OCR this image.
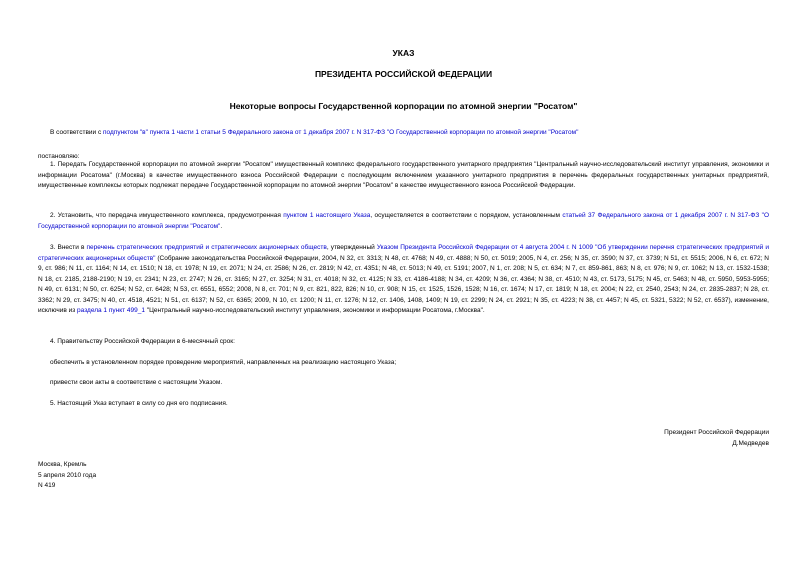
УКАЗ
ПРЕЗИДЕНТА РОССИЙСКОЙ ФЕДЕРАЦИИ
Некоторые вопросы Государственной корпорации по атомной энергии "Росатом"
В соответствии с подпунктом "в" пункта 1 части 1 статьи 5 Федерального закона от 1 декабря 2007 г. N 317-ФЗ "О Государственной корпорации по атомной энергии "Росатом"
постановляю:
1. Передать Государственной корпорации по атомной энергии "Росатом" имущественный комплекс федерального государственного унитарного предприятия "Центральный научно-исследовательский институт управления, экономики и информации Росатома" (г.Москва) в качестве имущественного взноса Российской Федерации с последующим включением указанного унитарного предприятия в перечень федеральных государственных унитарных предприятий, имущественные комплексы которых подлежат передаче Государственной корпорации по атомной энергии "Росатом" в качестве имущественного взноса Российской Федерации.
2. Установить, что передача имущественного комплекса, предусмотренная пунктом 1 настоящего Указа, осуществляется в соответствии с порядком, установленным статьей 37 Федерального закона от 1 декабря 2007 г. N 317-ФЗ "О Государственной корпорации по атомной энергии "Росатом".
3. Внести в перечень стратегических предприятий и стратегических акционерных обществ, утвержденный Указом Президента Российской Федерации от 4 августа 2004 г. N 1009 "Об утверждении перечня стратегических предприятий и стратегических акционерных обществ" (Собрание законодательства Российской Федерации, 2004, N 32, ст. 3313; N 48, ст. 4768; N 49, ст. 4888; N 50, ст. 5019; 2005, N 4, ст. 256; N 35, ст. 3590; N 37, ст. 3739; N 51, ст. 5515; 2006, N 6, ст. 672; N 9, ст. 986; N 11, ст. 1164; N 14, ст. 1510; N 18, ст. 1978; N 19, ст. 2071; N 24, ст. 2586; N 26, ст. 2819; N 42, ст. 4351; N 48, ст. 5013; N 49, ст. 5191; 2007, N 1, ст. 208; N 5, ст. 634; N 7, ст. 859-861, 863; N 8, ст. 976; N 9, ст. 1062; N 13, ст. 1532-1538; N 18, ст. 2185, 2188-2190; N 19, ст. 2341; N 23, ст. 2747; N 26, ст. 3165; N 27, ст. 3254; N 31, ст. 4018; N 32, ст. 4125; N 33, ст. 4186-4188; N 34, ст. 4209; N 36, ст. 4364; N 38, ст. 4510; N 43, ст. 5173, 5175; N 45, ст. 5463; N 48, ст. 5950, 5953-5955; N 49, ст. 6131; N 50, ст. 6254; N 52, ст. 6428; N 53, ст. 6551, 6552; 2008, N 8, ст. 701; N 9, ст. 821, 822, 826; N 10, ст. 908; N 15, ст. 1525, 1526, 1528; N 16, ст. 1674; N 17, ст. 1819; N 18, ст. 2004; N 22, ст. 2540, 2543; N 24, ст. 2835-2837; N 28, ст. 3362; N 29, ст. 3475; N 40, ст. 4518, 4521; N 51, ст. 6137; N 52, ст. 6365; 2009, N 10, ст. 1200; N 11, ст. 1276; N 12, ст. 1406, 1408, 1409; N 19, ст. 2299; N 24, ст. 2921; N 35, ст. 4223; N 38, ст. 4457; N 45, ст. 5321, 5322; N 52, ст. 6537), изменение, исключив из раздела 1 пункт 499_1 "Центральный научно-исследовательский институт управления, экономики и информации Росатома, г.Москва".
4. Правительству Российской Федерации в 6-месячный срок:
обеспечить в установленном порядке проведение мероприятий, направленных на реализацию настоящего Указа;
привести свои акты в соответствие с настоящим Указом.
5. Настоящий Указ вступает в силу со дня его подписания.
Президент Российской Федерации
Д.Медведев
Москва, Кремль
5 апреля 2010 года
N 419
